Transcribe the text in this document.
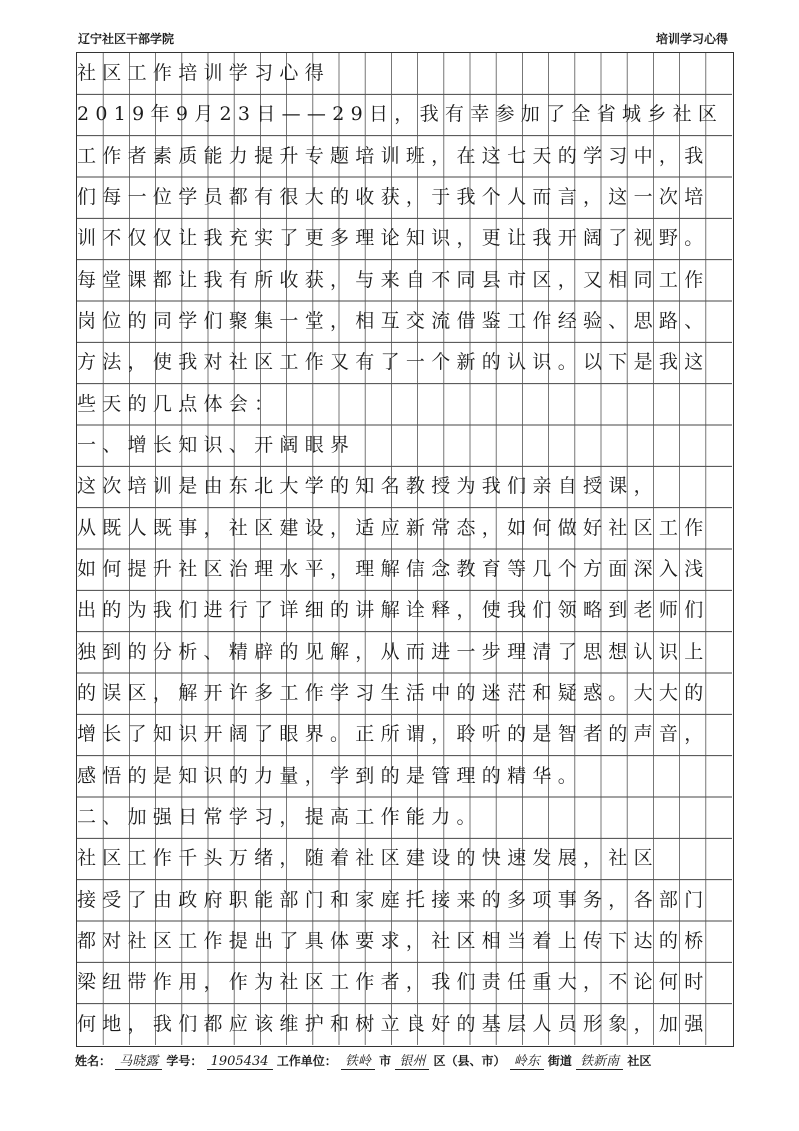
辽宁社区干部学院	培训学习心得
社区工作培训学习心得
2019年9月23日——29日，我有幸参加了全省城乡社区
工作者素质能力提升专题培训班，在这七天的学习中，我
们每一位学员都有很大的收获，于我个人而言，这一次培
训不仅仅让我充实了更多理论知识，更让我开阔了视野。
每堂课都让我有所收获，与来自不同县市区，又相同工作
岗位的同学们聚集一堂，相互交流借鉴工作经验、思路、
方法，使我对社区工作又有了一个新的认识。以下是我这
些天的几点体会：
一、增长知识、开阔眼界
这次培训是由东北大学的知名教授为我们亲自授课，
从既人既事，社区建设，适应新常态，如何做好社区工作
如何提升社区治理水平，理解信念教育等几个方面深入浅
出的为我们进行了详细的讲解诠释，使我们领略到老师们
独到的分析、精辟的见解，从而进一步理清了思想认识上
的误区，解开许多工作学习生活中的迷茫和疑惑。大大的
增长了知识开阔了眼界。正所谓，聆听的是智者的声音，
感悟的是知识的力量，学到的是管理的精华。
二、加强日常学习，提高工作能力。
社区工作千头万绪，随着社区建设的快速发展，社区
接受了由政府职能部门和家庭托接来的多项事务，各部门
都对社区工作提出了具体要求，社区相当着上传下达的桥
梁纽带作用，作为社区工作者，我们责任重大，不论何时
何地，我们都应该维护和树立良好的基层人员形象，加强
姓名： 马晓露 学号： 1905434 工作单位： 铁岭 市 银州 区（县、市） 岭东 街道 铁新南 社区
